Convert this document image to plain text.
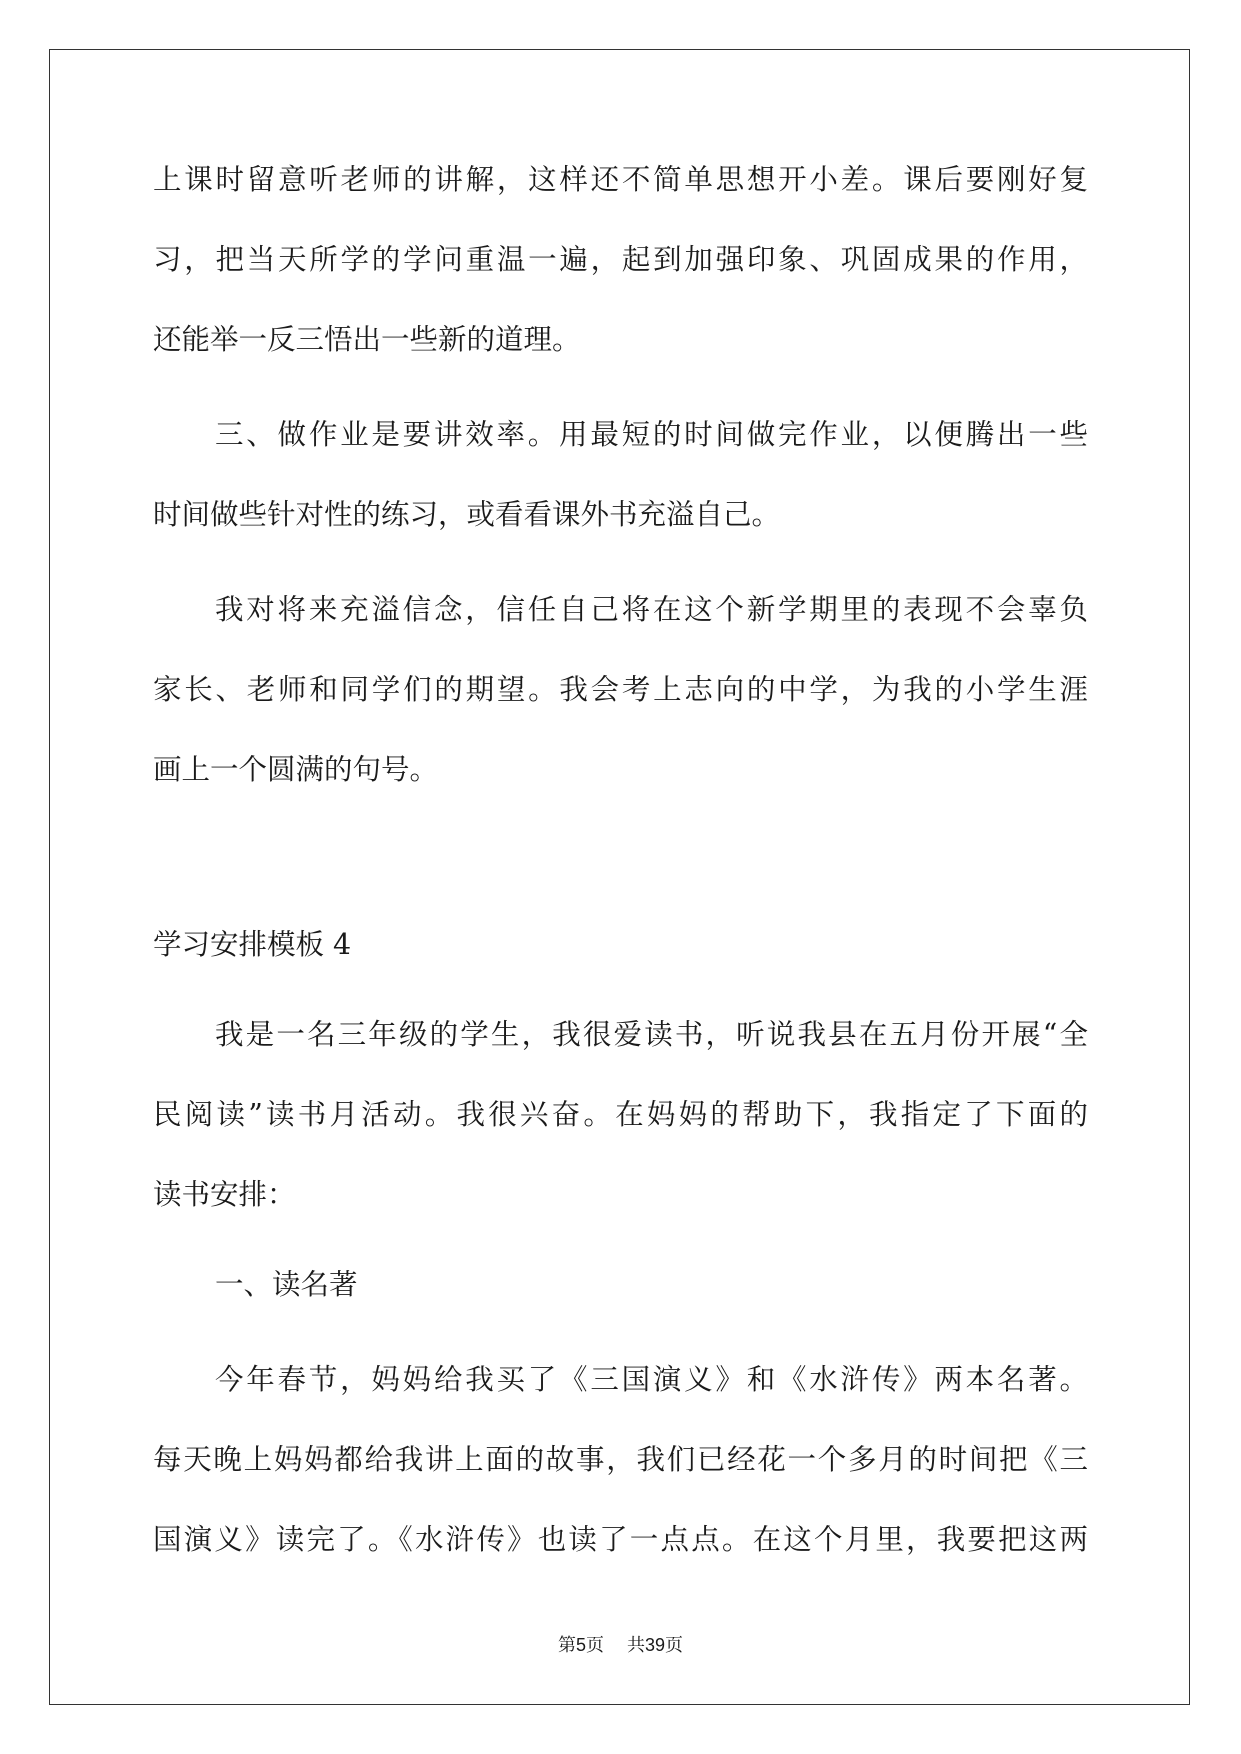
上课时留意听老师的讲解，这样还不简单思想开小差。课后要刚好复
习，把当天所学的学问重温一遍，起到加强印象、巩固成果的作用，
还能举一反三悟出一些新的道理。
三、做作业是要讲效率。用最短的时间做完作业，以便腾出一些
时间做些针对性的练习，或看看课外书充溢自己。
我对将来充溢信念，信任自己将在这个新学期里的表现不会辜负
家长、老师和同学们的期望。我会考上志向的中学，为我的小学生涯
画上一个圆满的句号。
学习安排模板 4
我是一名三年级的学生，我很爱读书，听说我县在五月份开展“全
民阅读”读书月活动。我很兴奋。在妈妈的帮助下，我指定了下面的
读书安排：
一、读名著
今年春节，妈妈给我买了《三国演义》和《水浒传》两本名著。
每天晚上妈妈都给我讲上面的故事，我们已经花一个多月的时间把《三
国演义》读完了。《水浒传》也读了一点点。在这个月里，我要把这两
第5页 共39页
